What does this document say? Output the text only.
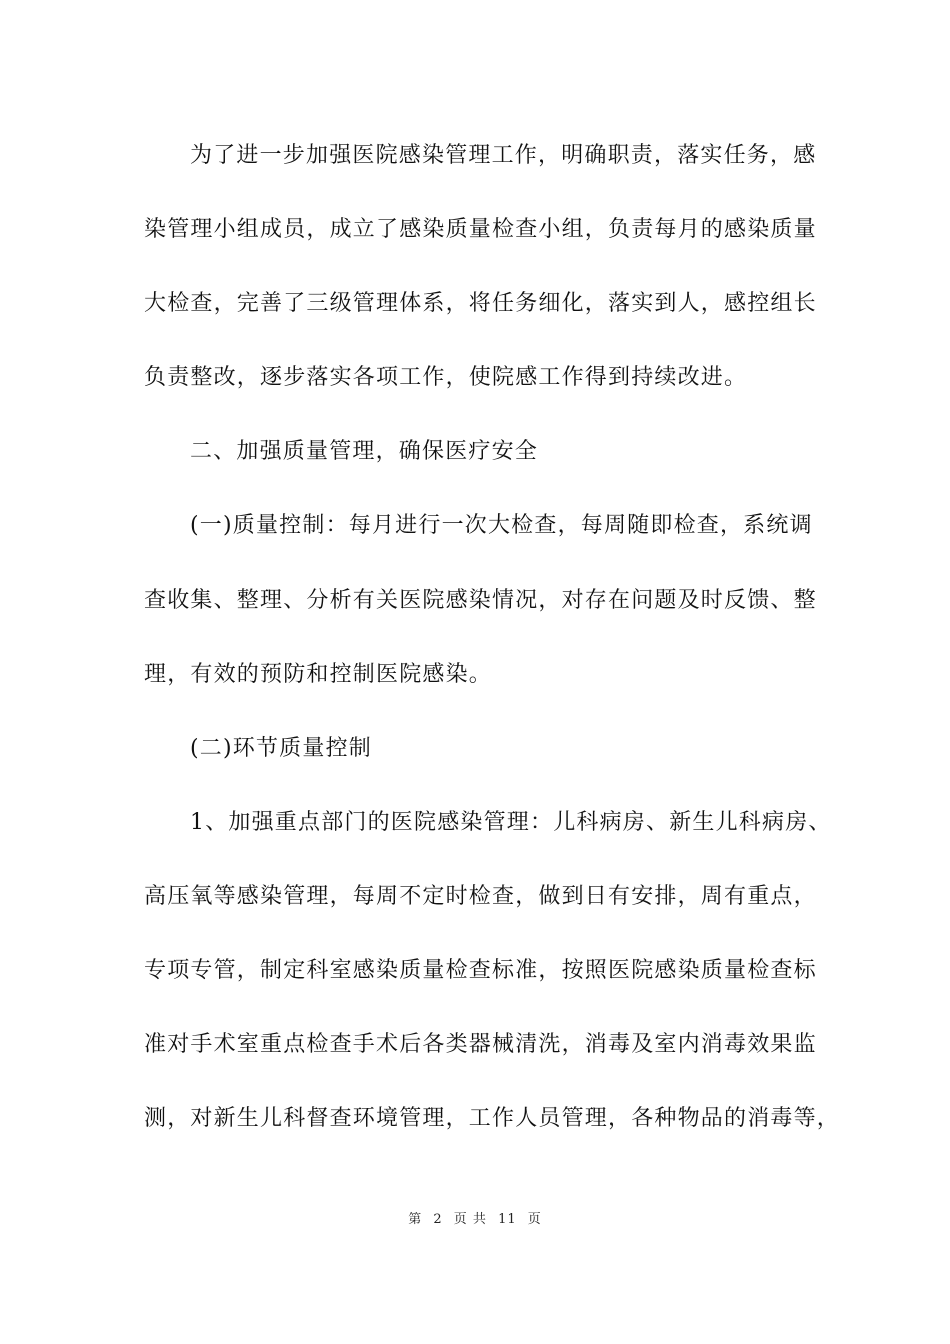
为了进一步加强医院感染管理工作，明确职责，落实任务，感
染管理小组成员，成立了感染质量检查小组，负责每月的感染质量
大检查，完善了三级管理体系，将任务细化，落实到人，感控组长
负责整改，逐步落实各项工作，使院感工作得到持续改进。
二、加强质量管理，确保医疗安全
(一)质量控制：每月进行一次大检查，每周随即检查，系统调
查收集、整理、分析有关医院感染情况，对存在问题及时反馈、整
理，有效的预防和控制医院感染。
(二)环节质量控制
1、加强重点部门的医院感染管理：儿科病房、新生儿科病房、
高压氧等感染管理，每周不定时检查，做到日有安排，周有重点，
专项专管，制定科室感染质量检查标准，按照医院感染质量检查标
准对手术室重点检查手术后各类器械清洗，消毒及室内消毒效果监
测，对新生儿科督查环境管理，工作人员管理，各种物品的消毒等，
第 2 页 共 11 页
